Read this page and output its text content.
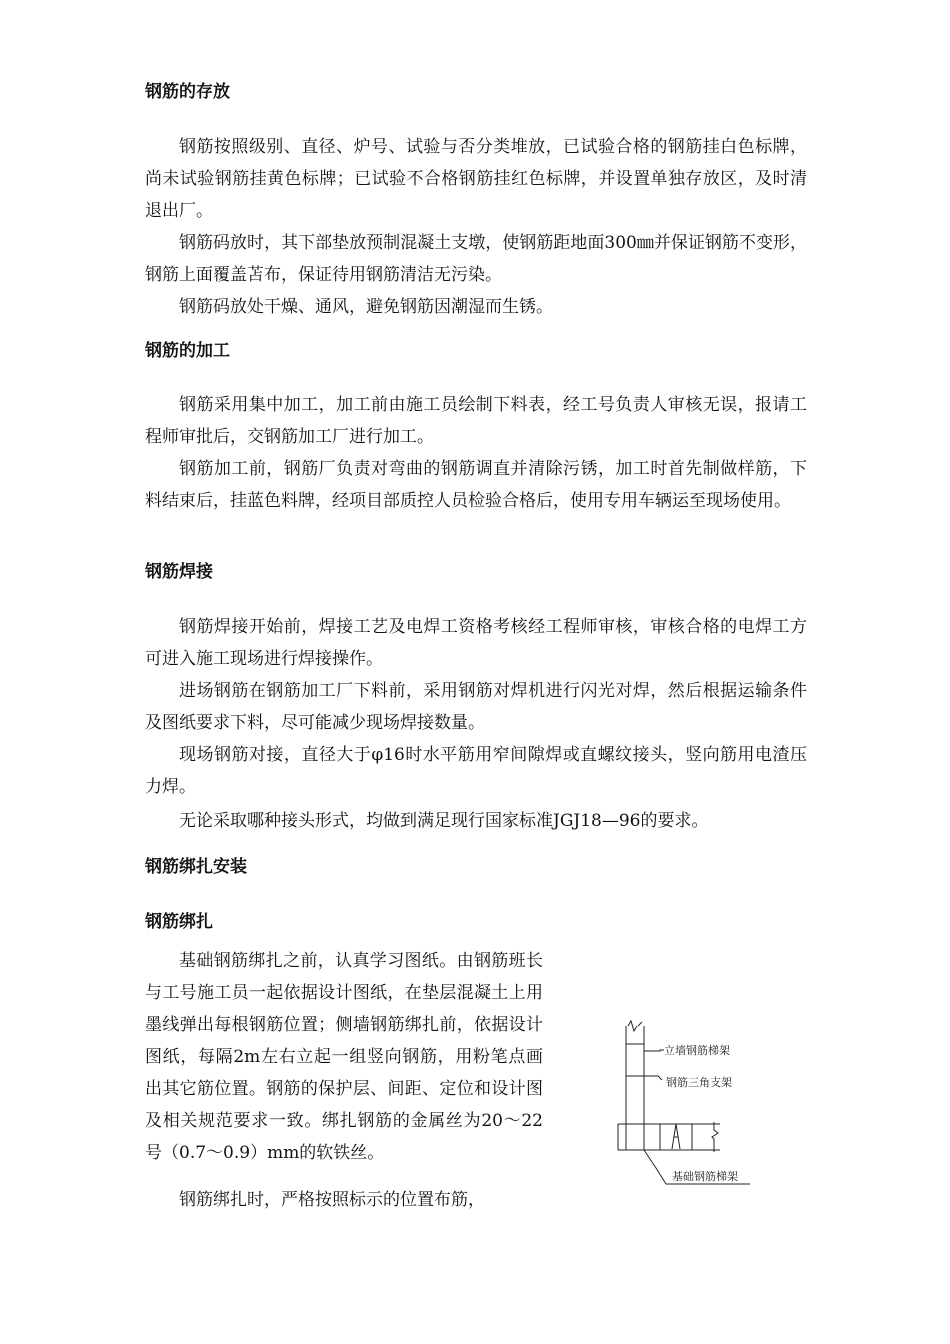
钢筋的存放

钢筋按照级别、直径、炉号、试验与否分类堆放，已试验合格的钢筋挂白色标牌，尚未试验钢筋挂黄色标牌；已试验不合格钢筋挂红色标牌，并设置单独存放区，及时清退出厂。

钢筋码放时，其下部垫放预制混凝土支墩，使钢筋距地面300㎜并保证钢筋不变形，钢筋上面覆盖苫布，保证待用钢筋清洁无污染。

钢筋码放处干燥、通风，避免钢筋因潮湿而生锈。

钢筋的加工

钢筋采用集中加工，加工前由施工员绘制下料表，经工号负责人审核无误，报请工程师审批后，交钢筋加工厂进行加工。

钢筋加工前，钢筋厂负责对弯曲的钢筋调直并清除污锈，加工时首先制做样筋，下料结束后，挂蓝色料牌，经项目部质控人员检验合格后，使用专用车辆运至现场使用。

钢筋焊接

钢筋焊接开始前，焊接工艺及电焊工资格考核经工程师审核，审核合格的电焊工方可进入施工现场进行焊接操作。

进场钢筋在钢筋加工厂下料前，采用钢筋对焊机进行闪光对焊，然后根据运输条件及图纸要求下料，尽可能减少现场焊接数量。

现场钢筋对接，直径大于φ16时水平筋用窄间隙焊或直螺纹接头，竖向筋用电渣压力焊。

无论采取哪种接头形式，均做到满足现行国家标准JGJ18—96的要求。

钢筋绑扎安装
钢筋绑扎

基础钢筋绑扎之前，认真学习图纸。由钢筋班长与工号施工员一起依据设计图纸，在垫层混凝土上用墨线弹出每根钢筋位置；侧墙钢筋绑扎前，依据设计图纸，每隔2m左右立起一组竖向钢筋，用粉笔点画出其它筋位置。钢筋的保护层、间距、定位和设计图及相关规范要求一致。绑扎钢筋的金属丝为20～22号（0.7～0.9）mm的软铁丝。

钢筋绑扎时，严格按照标示的位置布筋，

立墙钢筋梯架
钢筋三角支架
基础钢筋梯架
